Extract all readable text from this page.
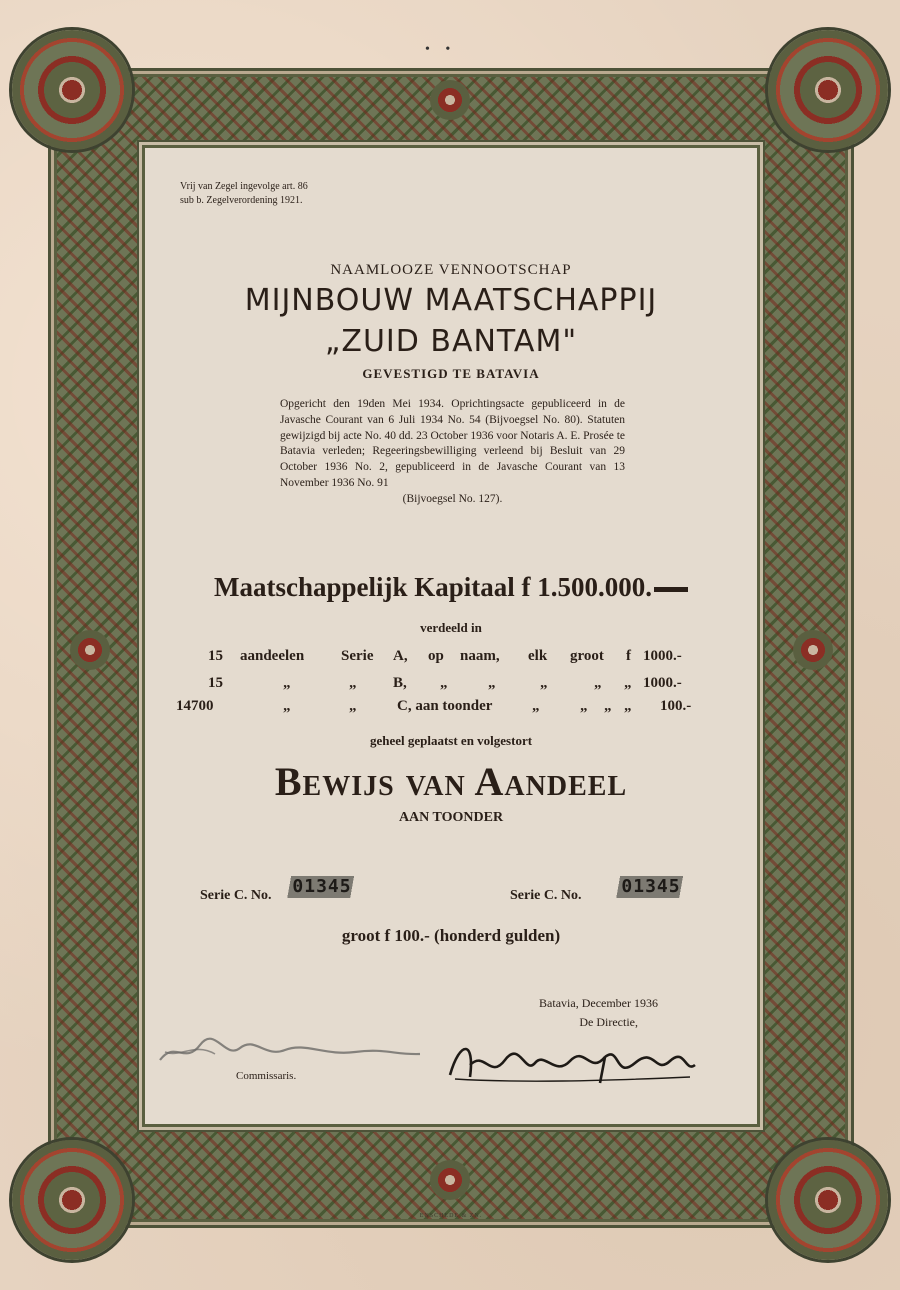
• •
Vrij van Zegel ingevolge art. 86
sub b. Zegelverordening 1921.
NAAMLOOZE VENNOOTSCHAP
MIJNBOUW MAATSCHAPPIJ
„ZUID BANTAM"
GEVESTIGD TE BATAVIA
Opgericht den 19den Mei 1934. Oprichtingsacte gepubliceerd in de Javasche Courant van 6 Juli 1934 No. 54 (Bijvoegsel No. 80). Statuten gewijzigd bij acte No. 40 dd. 23 October 1936 voor Notaris A. E. Prosée te Batavia verleden; Regeeringsbewilliging verleend bij Besluit van 29 October 1936 No. 2, gepubliceerd in de Javasche Courant van 13 November 1936 No. 91
(Bijvoegsel No. 127).
Maatschappelijk Kapitaal f 1.500.000.
verdeeld in
15 aandeelen Serie A, op naam, elk groot f 1000.-
15	„	„ B, „	„	„	„ „ 1000.-
14700	„	„	C, aan toonder	„	„ „ „ 100.-
geheel geplaatst en volgestort
Bewijs van Aandeel
AAN TOONDER
Serie C. No.	01345	Serie C. No.	01345
groot f 100.- (honderd gulden)
Batavia, December 1936
De Directie,
Commissaris.
ENSCHEDE & ZN.
